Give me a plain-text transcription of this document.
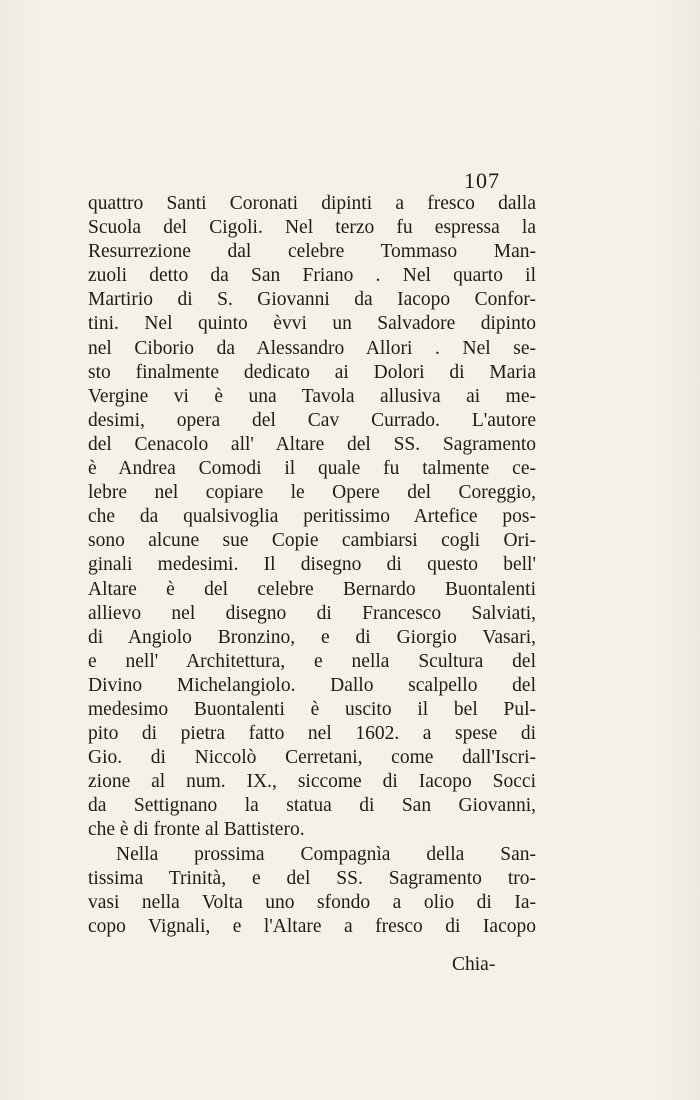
107
quattro Santi Coronati dipinti a fresco dalla
Scuola del Cigoli. Nel terzo fu espressa la
Resurrezione dal celebre Tommaso Man-
zuoli detto da San Friano . Nel quarto il
Martirio di S. Giovanni da Iacopo Confor-
tini. Nel quinto èvvi un Salvadore dipinto
nel Ciborio da Alessandro Allori . Nel se-
sto finalmente dedicato ai Dolori di Maria
Vergine vi è una Tavola allusiva ai me-
desimi, opera del Cav Currado. L'autore
del Cenacolo all' Altare del SS. Sagramento
è Andrea Comodi il quale fu talmente ce-
lebre nel copiare le Opere del Coreggio,
che da qualsivoglia peritissimo Artefice pos-
sono alcune sue Copie cambiarsi cogli Ori-
ginali medesimi. Il disegno di questo bell'
Altare è del celebre Bernardo Buontalenti
allievo nel disegno di Francesco Salviati,
di Angiolo Bronzino, e di Giorgio Vasari,
e nell' Architettura, e nella Scultura del
Divino Michelangiolo. Dallo scalpello del
medesimo Buontalenti è uscito il bel Pul-
pito di pietra fatto nel 1602. a spese di
Gio. di Niccolò Cerretani, come dall'Iscri-
zione al num. IX., siccome di Iacopo Socci
da Settignano la statua di San Giovanni,
che è di fronte al Battistero.
Nella prossima Compagnìa della San-
tissima Trinità, e del SS. Sagramento tro-
vasi nella Volta uno sfondo a olio di Ia-
copo Vignali, e l'Altare a fresco di Iacopo
Chia-
